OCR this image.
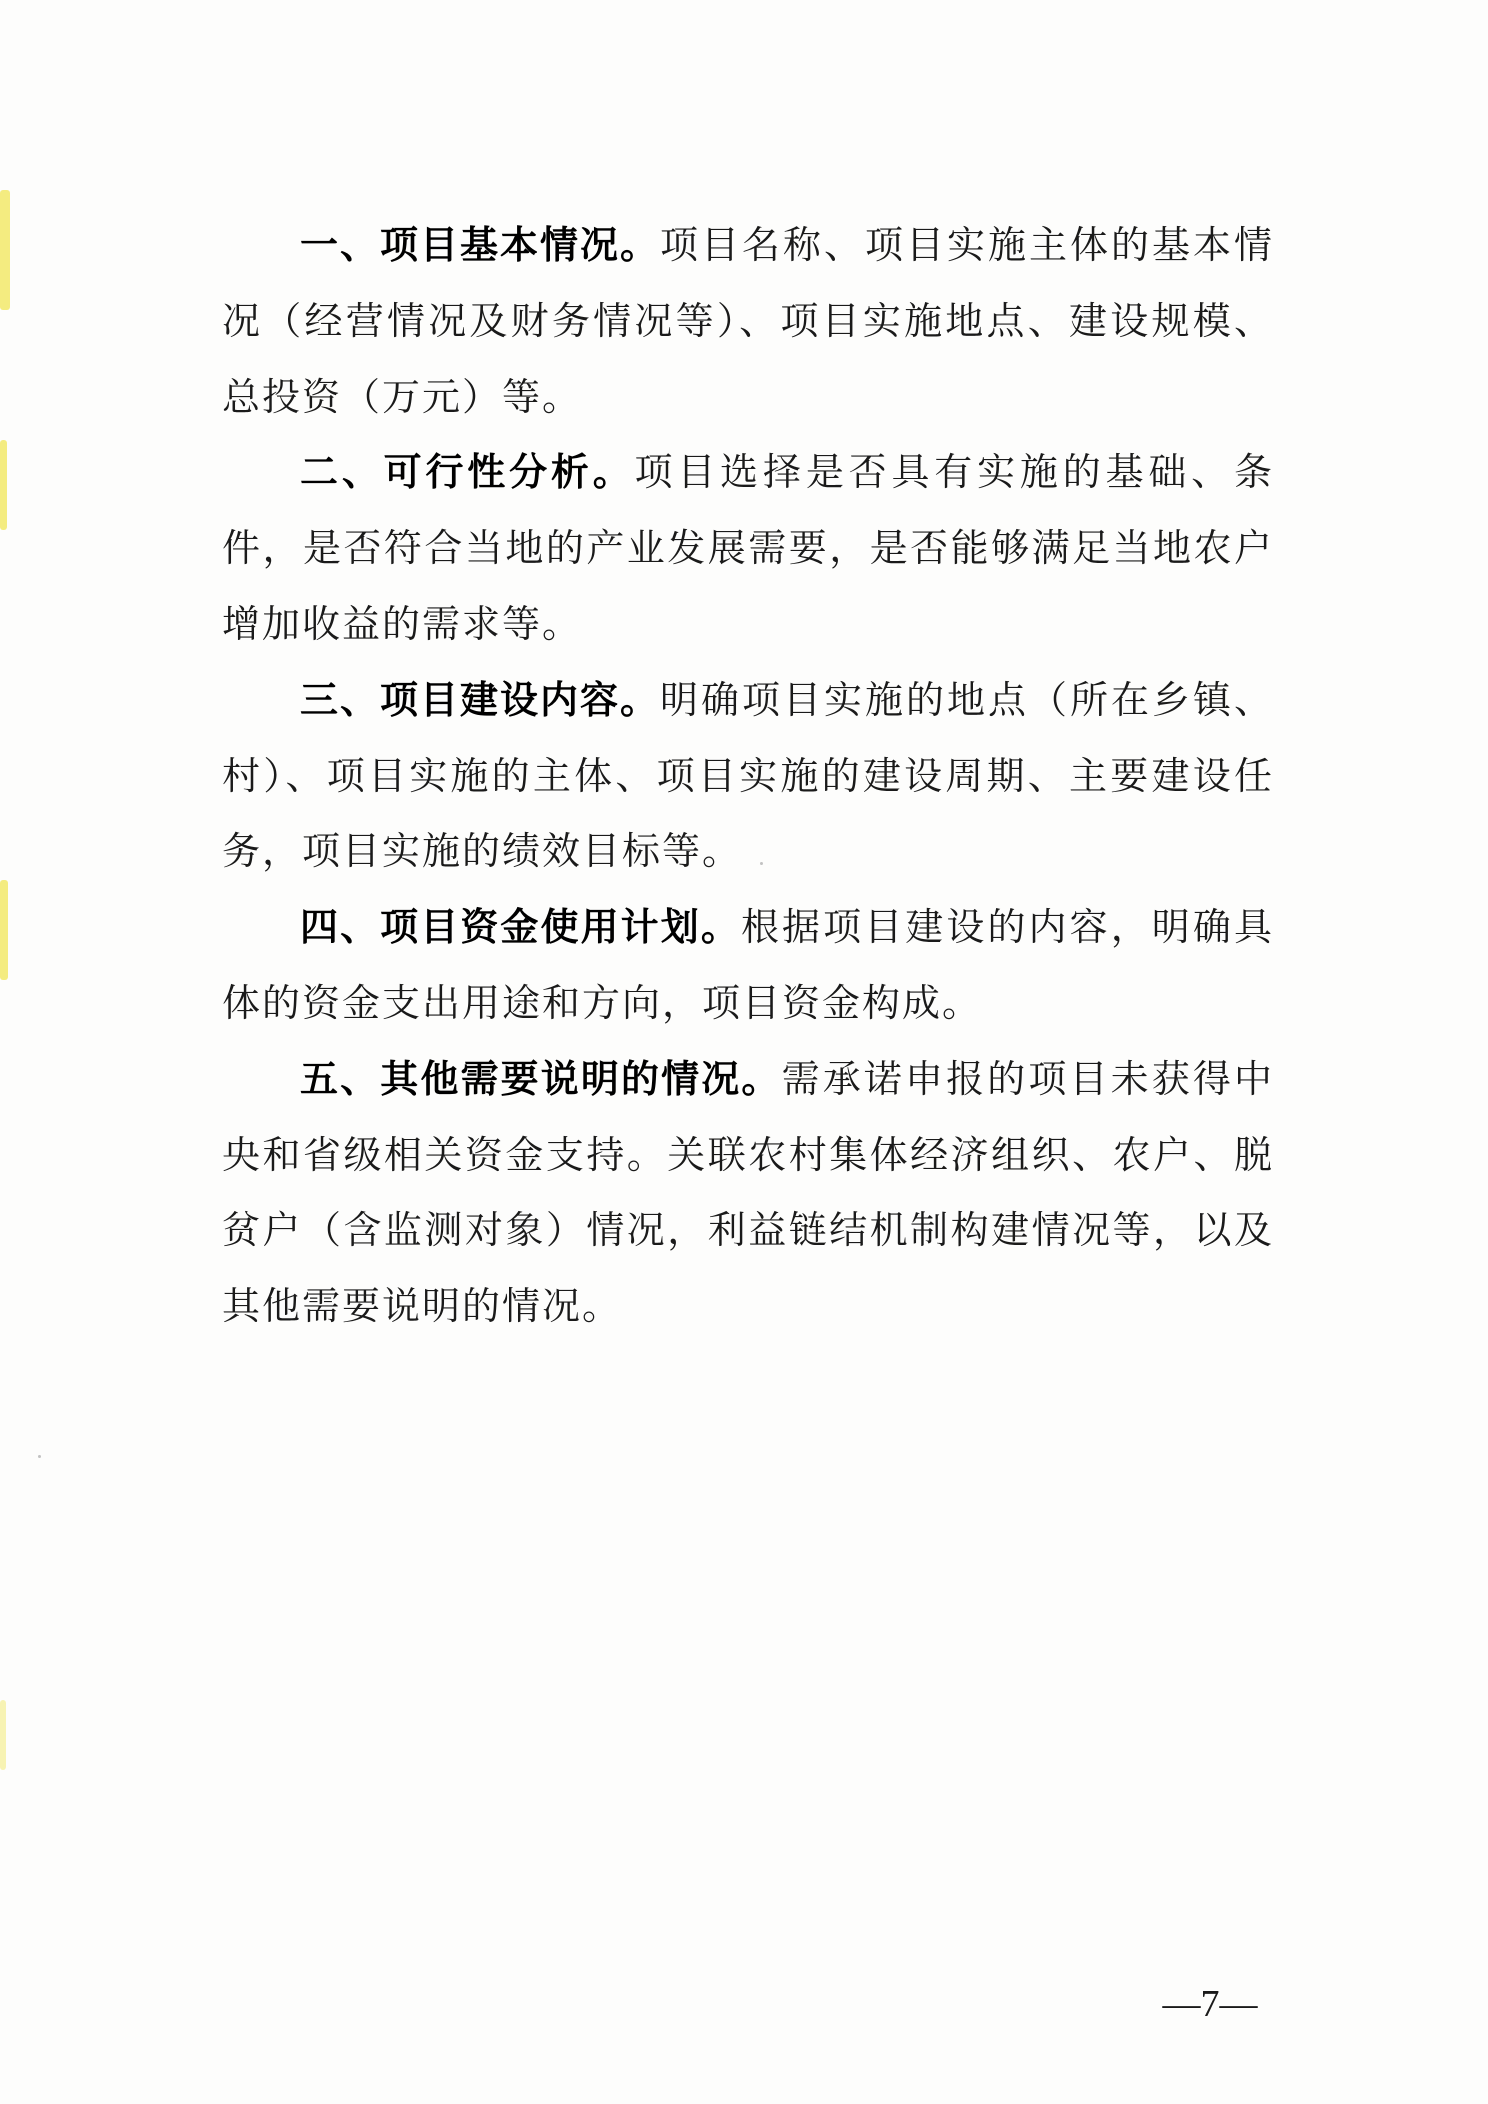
一、项目基本情况。项目名称、项目实施主体的基本情况（经营情况及财务情况等）、项目实施地点、建设规模、总投资（万元）等。

二、可行性分析。项目选择是否具有实施的基础、条件，是否符合当地的产业发展需要，是否能够满足当地农户增加收益的需求等。

三、项目建设内容。明确项目实施的地点（所在乡镇、村）、项目实施的主体、项目实施的建设周期、主要建设任务，项目实施的绩效目标等。

四、项目资金使用计划。根据项目建设的内容，明确具体的资金支出用途和方向，项目资金构成。

五、其他需要说明的情况。需承诺申报的项目未获得中央和省级相关资金支持。关联农村集体经济组织、农户、脱贫户（含监测对象）情况，利益链结机制构建情况等，以及其他需要说明的情况。

—7—
